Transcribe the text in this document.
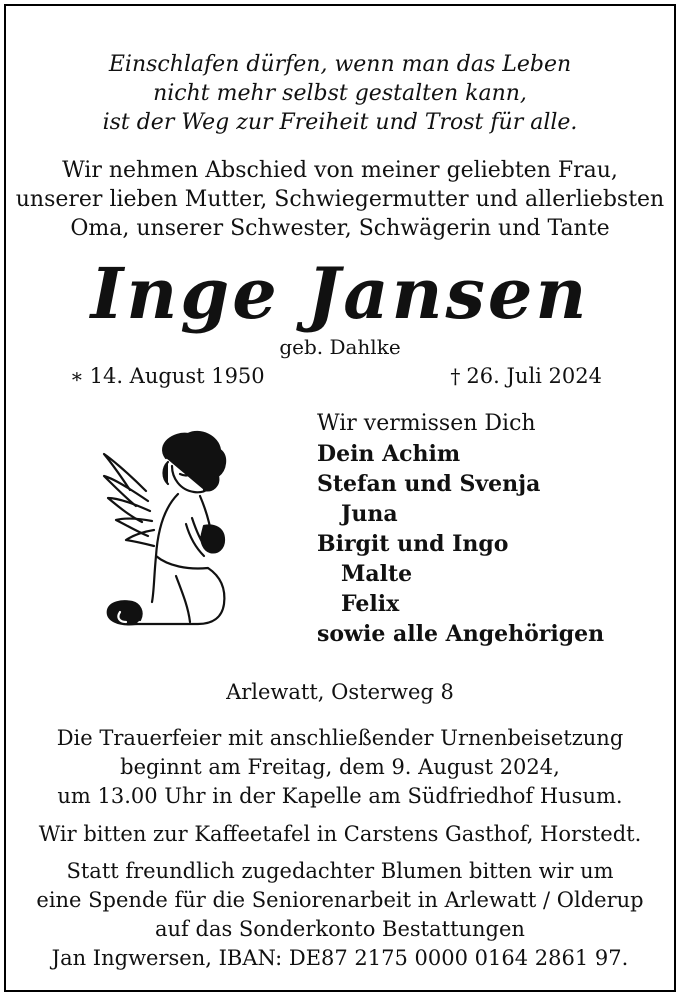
Einschlafen dürfen, wenn man das Leben
nicht mehr selbst gestalten kann,
ist der Weg zur Freiheit und Trost für alle.
Wir nehmen Abschied von meiner geliebten Frau,
unserer lieben Mutter, Schwiegermutter und allerliebsten
Oma, unserer Schwester, Schwägerin und Tante
Inge Jansen
geb. Dahlke
∗ 14. August 1950	† 26. Juli 2024
Wir vermissen Dich
Dein Achim
Stefan und Svenja
Juna
Birgit und Ingo
Malte
Felix
sowie alle Angehörigen
Arlewatt, Osterweg 8
Die Trauerfeier mit anschließender Urnenbeisetzung
beginnt am Freitag, dem 9. August 2024,
um 13.00 Uhr in der Kapelle am Südfriedhof Husum.
Wir bitten zur Kaffeetafel in Carstens Gasthof, Horstedt.
Statt freundlich zugedachter Blumen bitten wir um
eine Spende für die Seniorenarbeit in Arlewatt / Olderup
auf das Sonderkonto Bestattungen
Jan Ingwersen, IBAN: DE87 2175 0000 0164 2861 97.
